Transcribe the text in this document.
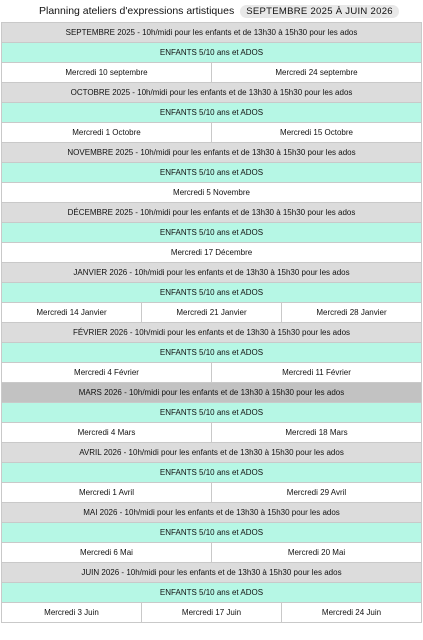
Planning ateliers d'expressions artistiques	SEPTEMBRE 2025 À JUIN 2026
SEPTEMBRE 2025 - 10h/midi pour les enfants et de 13h30 à 15h30 pour les ados			
ENFANTS 5/10 ans et ADOS			
Mercredi 10 septembre		Mercredi 24 septembre	
OCTOBRE 2025 - 10h/midi pour les enfants et de 13h30 à 15h30 pour les ados			
ENFANTS 5/10 ans et ADOS			
Mercredi 1 Octobre		Mercredi 15 Octobre	
NOVEMBRE 2025 - 10h/midi pour les enfants et de 13h30 à 15h30 pour les ados			
ENFANTS 5/10 ans et ADOS			
Mercredi 5 Novembre			
DÉCEMBRE 2025 - 10h/midi pour les enfants et de 13h30 à 15h30 pour les ados			
ENFANTS 5/10 ans et ADOS			
Mercredi 17 Décembre			
JANVIER 2026 - 10h/midi pour les enfants et de 13h30 à 15h30 pour les ados			
ENFANTS 5/10 ans et ADOS			
Mercredi 14 Janvier	Mercredi 21 Janvier		Mercredi 28 Janvier
FÉVRIER 2026 - 10h/midi pour les enfants et de 13h30 à 15h30 pour les ados			
ENFANTS 5/10 ans et ADOS			
Mercredi 4 Février		Mercredi 11 Février	
MARS 2026 - 10h/midi pour les enfants et de 13h30 à 15h30 pour les ados			
ENFANTS 5/10 ans et ADOS			
Mercredi 4 Mars		Mercredi 18 Mars	
AVRIL 2026 - 10h/midi pour les enfants et de 13h30 à 15h30 pour les ados			
ENFANTS 5/10 ans et ADOS			
Mercredi 1 Avril		Mercredi 29 Avril	
MAI 2026 - 10h/midi pour les enfants et de 13h30 à 15h30 pour les ados			
ENFANTS 5/10 ans et ADOS			
Mercredi 6 Mai		Mercredi 20 Mai	
JUIN 2026 - 10h/midi pour les enfants et de 13h30 à 15h30 pour les ados			
ENFANTS 5/10 ans et ADOS			
Mercredi 3 Juin	Mercredi 17 Juin		Mercredi 24 Juin
